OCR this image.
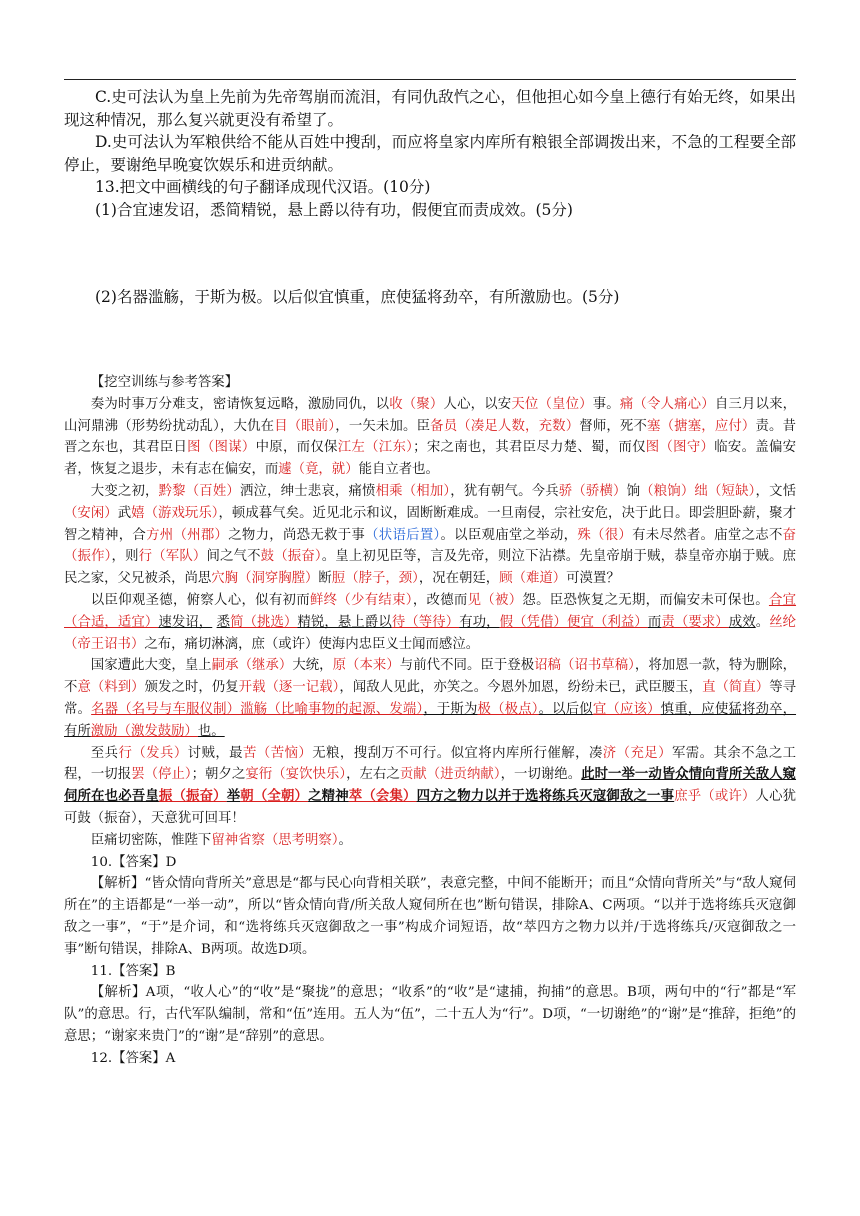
C.史可法认为皇上先前为先帝驾崩而流泪，有同仇敌忾之心，但他担心如今皇上德行有始无终，如果出现这种情况，那么复兴就更没有希望了。

D.史可法认为军粮供给不能从百姓中搜刮，而应将皇家内库所有粮银全部调拨出来，不急的工程要全部停止，要谢绝早晚宴饮娱乐和进贡纳献。

13.把文中画横线的句子翻译成现代汉语。(10分)

(1)合宜速发诏，悉简精锐，悬上爵以待有功，假便宜而责成效。(5分)

(2)名器滥觞，于斯为极。以后似宜慎重，庶使猛将劲卒，有所激励也。(5分)

【挖空训练与参考答案】

奏为时事万分难支，密请恢复远略，激励同仇，以收（聚）人心，以安天位（皇位）事。痛（令人痛心）自三月以来，山河鼎沸（形势纷扰动乱），大仇在目（眼前），一矢未加。臣备员（凑足人数，充数）督师，死不塞（搪塞，应付）责。昔晋之东也，其君臣日图（图谋）中原，而仅保江左（江东）；宋之南也，其君臣尽力楚、蜀，而仅图（图守）临安。盖偏安者，恢复之退步，未有志在偏安，而遽（竟，就）能自立者也。

大变之初，黔黎（百姓）洒泣，绅士悲哀，痛愤相乘（相加），犹有朝气。今兵骄（骄横）饷（粮饷）绌（短缺），文恬（安闲）武嬉（游戏玩乐），顿成暮气矣。近见北示和议，固断断难成。一旦南侵，宗社安危，决于此日。即尝胆卧薪，聚才智之精神，合方州（州郡）之物力，尚恐无救于事（状语后置）。以臣观庙堂之举动，殊（很）有未尽然者。庙堂之志不奋（振作），则行（军队）间之气不鼓（振奋）。皇上初见臣等，言及先帝，则泣下沾襟。先皇帝崩于贼，恭皇帝亦崩于贼。庶民之家，父兄被杀，尚思穴胸（洞穿胸膛）断脰（脖子，颈），况在朝廷，顾（难道）可漠置？

以臣仰观圣德，俯察人心，似有初而鲜终（少有结束），改德而见（被）怨。臣恐恢复之无期，而偏安未可保也。合宜（合适，适宜）速发诏， 悉简（挑选）精锐，悬上爵以待（等待）有功，假（凭借）便宜（利益）而责（要求）成效。丝纶（帝王诏书）之布，痛切淋漓，庶（或许）使海内忠臣义士闻而感泣。

国家遭此大变，皇上嗣承（继承）大统，原（本来）与前代不同。臣于登极诏稿（诏书草稿），将加恩一款，特为删除，不意（料到）颁发之时，仍复开载（逐一记载），闻敌人见此，亦笑之。今恩外加恩，纷纷未已，武臣腰玉，直（简直）等寻常。名器（名号与车服仪制）滥觞（比喻事物的起源、发端），于斯为极（极点）。以后似宜（应该）慎重，应使猛将劲卒，有所激励（激发鼓励）也。

至兵行（发兵）讨贼，最苦（苦恼）无粮，搜刮万不可行。似宜将内库所行催解，凑济（充足）军需。其余不急之工程，一切报罢（停止）；朝夕之宴衎（宴饮快乐），左右之贡献（进贡纳献），一切谢绝。此时一举一动皆众情向背所关敌人窥伺所在也必吾皇振（振奋）举朝（全朝）之精神萃（会集）四方之物力以并于选将练兵灭寇御敌之一事庶乎（或许）人心犹可鼓（振奋），天意犹可回耳！

臣痛切密陈，惟陛下留神省察（思考明察）。

10.【答案】D

【解析】“皆众情向背所关”意思是“都与民心向背相关联”，表意完整，中间不能断开；而且“众情向背所关”与“敌人窥伺所在”的主语都是“一举一动”，所以“皆众情向背/所关敌人窥伺所在也”断句错误，排除A、C两项。“以并于选将练兵灭寇御敌之一事”，“于”是介词，和“选将练兵灭寇御敌之一事”构成介词短语，故“萃四方之物力以并/于选将练兵/灭寇御敌之一事”断句错误，排除A、B两项。故选D项。

11.【答案】B

【解析】A项，“收人心”的“收”是“聚拢”的意思；“收系”的“收”是“逮捕，拘捕”的意思。B项，两句中的“行”都是“军队”的意思。行，古代军队编制，常和“伍”连用。五人为“伍”，二十五人为“行”。D项，“一切谢绝”的“谢”是“推辞，拒绝”的意思；“谢家来贵门”的“谢”是“辞别”的意思。

12.【答案】A
